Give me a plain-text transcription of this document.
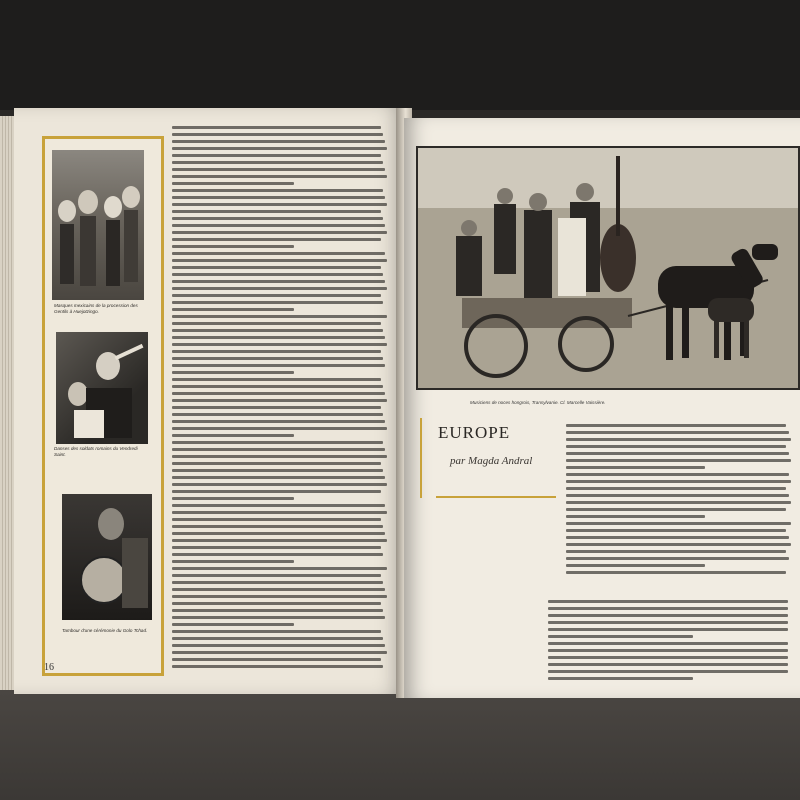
Masques mexicains de la procession des Gentils à Huejotzingo.
Danses des soldats romains du Vendredi Saint.
Tambour d'une cérémonie du Golo Tchad.
16
Musiciens de noces hongrois, Transylvanie. Cl. Marcelle Vaissière.
EUROPE
par Magda Andral
